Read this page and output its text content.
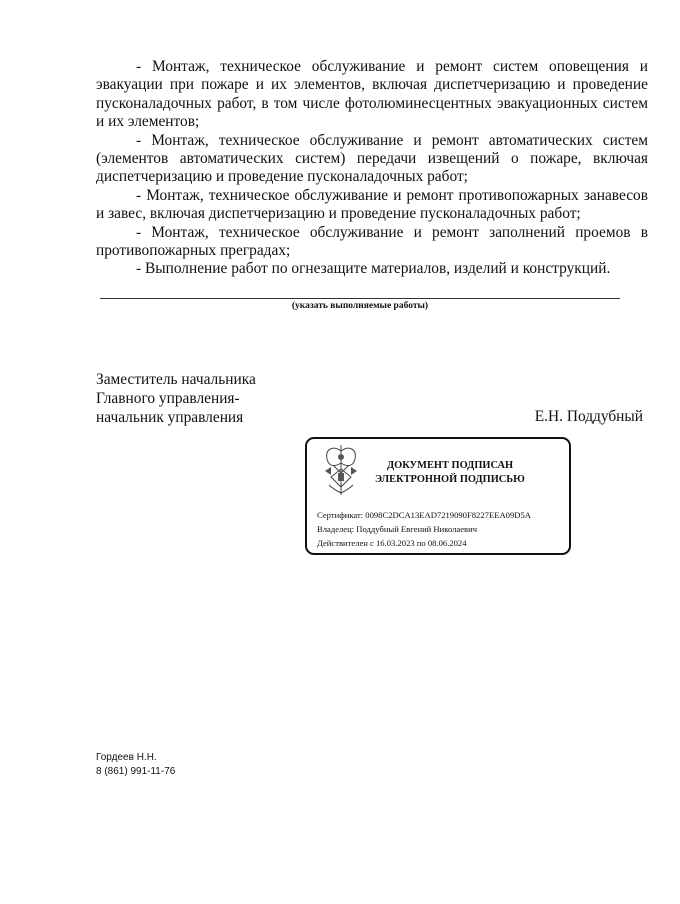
- Монтаж, техническое обслуживание и ремонт систем оповещения и эвакуации при пожаре и их элементов, включая диспетчеризацию и проведение пусконаладочных работ, в том числе фотолюминесцентных эвакуационных систем и их элементов;

- Монтаж, техническое обслуживание и ремонт автоматических систем (элементов автоматических систем) передачи извещений о пожаре, включая диспетчеризацию и проведение пусконаладочных работ;

- Монтаж, техническое обслуживание и ремонт противопожарных занавесов и завес, включая диспетчеризацию и проведение пусконаладочных работ;

- Монтаж, техническое обслуживание и ремонт заполнений проемов в противопожарных преградах;

- Выполнение работ по огнезащите материалов, изделий и конструкций.

(указать выполняемые работы)
Заместитель начальника
Главного управления-
начальник управления	Е.Н. Поддубный
ДОКУМЕНТ ПОДПИСАН
ЭЛЕКТРОННОЙ ПОДПИСЬЮ
Сертификат: 0098C2DCA13EAD7219090F8227EEA09D5A
Владелец: Поддубный Евгений Николаевич
Действителен с 16.03.2023 по 08.06.2024
Гордеев Н.Н.
8 (861) 991-11-76
